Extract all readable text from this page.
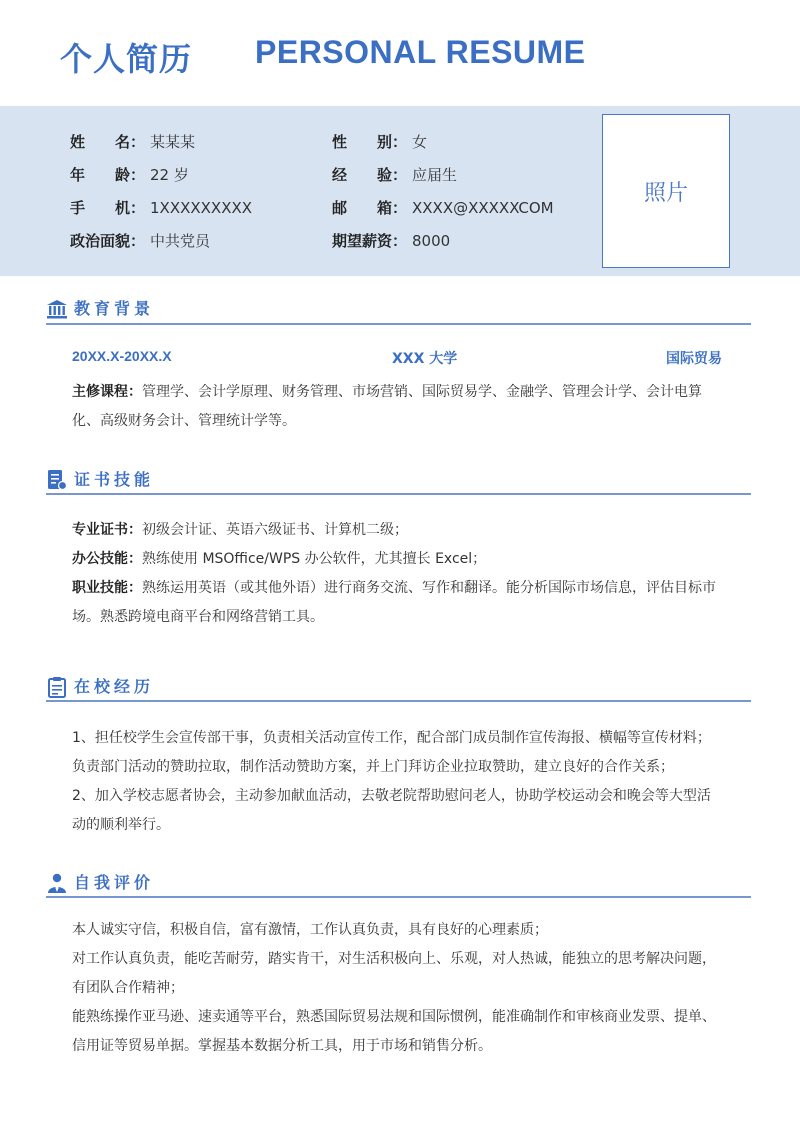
个人简历 PERSONAL RESUME
姓　　名： 某某某
年　　龄： 22 岁
手　　机： 1XXXXXXXXX
政治面貌： 中共党员
性　　别： 女
经　　验： 应届生
邮　　箱： XXXX@XXXXXCOM
期望薪资： 8000
照片
教育背景
20XX.X-20XX.X	XXX 大学	国际贸易

主修课程：管理学、会计学原理、财务管理、市场营销、国际贸易学、金融学、管理会计学、会计电算化、高级财务会计、管理统计学等。

证书技能

专业证书：初级会计证、英语六级证书、计算机二级；

办公技能：熟练使用 MSOffice/WPS 办公软件，尤其擅长 Excel；

职业技能：熟练运用英语（或其他外语）进行商务交流、写作和翻译。能分析国际市场信息，评估目标市场。熟悉跨境电商平台和网络营销工具。

在校经历

1、担任校学生会宣传部干事，负责相关活动宣传工作，配合部门成员制作宣传海报、横幅等宣传材料；负责部门活动的赞助拉取，制作活动赞助方案，并上门拜访企业拉取赞助，建立良好的合作关系；

2、加入学校志愿者协会，主动参加献血活动，去敬老院帮助慰问老人，协助学校运动会和晚会等大型活动的顺利举行。

自我评价

本人诚实守信，积极自信，富有激情，工作认真负责，具有良好的心理素质；

对工作认真负责，能吃苦耐劳，踏实肯干，对生活积极向上、乐观，对人热诚，能独立的思考解决问题，有团队合作精神；

能熟练操作亚马逊、速卖通等平台，熟悉国际贸易法规和国际惯例，能准确制作和审核商业发票、提单、信用证等贸易单据。掌握基本数据分析工具，用于市场和销售分析。
